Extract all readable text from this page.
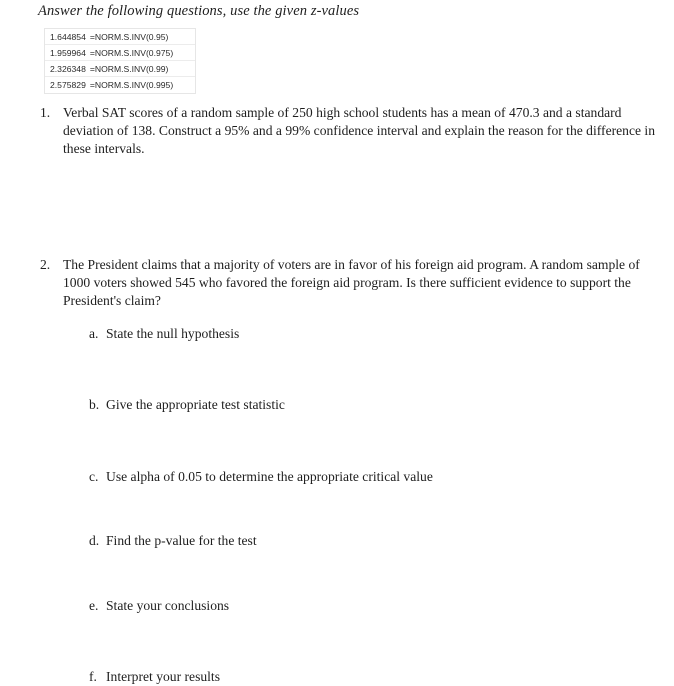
Answer the following questions, use the given z-values
1.644854 =NORM.S.INV(0.95)
1.959964 =NORM.S.INV(0.975)
2.326348 =NORM.S.INV(0.99)
2.575829 =NORM.S.INV(0.995)
1. Verbal SAT scores of a random sample of 250 high school students has a mean of 470.3 and a standard deviation of 138. Construct a 95% and a 99% confidence interval and explain the reason for the difference in these intervals.
2. The President claims that a majority of voters are in favor of his foreign aid program. A random sample of 1000 voters showed 545 who favored the foreign aid program. Is there sufficient evidence to support the President's claim?
a. State the null hypothesis
b. Give the appropriate test statistic
c. Use alpha of 0.05 to determine the appropriate critical value
d. Find the p-value for the test
e. State your conclusions
f. Interpret your results
